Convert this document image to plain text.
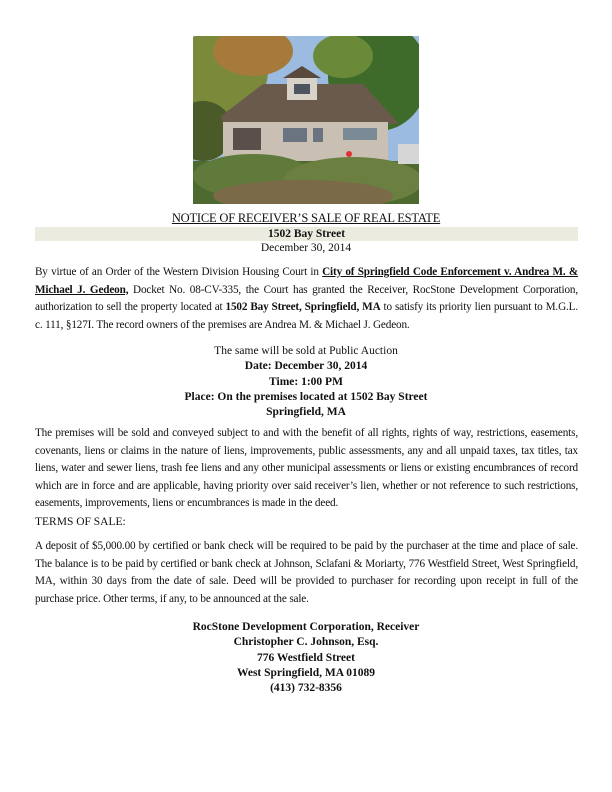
NOTICE OF RECEIVER’S SALE OF REAL ESTATE
1502 Bay Street
December 30, 2014
By virtue of an Order of the Western Division Housing Court in City of Springfield Code Enforcement v. Andrea M. & Michael J. Gedeon, Docket No. 08-CV-335, the Court has granted the Receiver, RocStone Development Corporation, authorization to sell the property located at 1502 Bay Street, Springfield, MA to satisfy its priority lien pursuant to M.G.L. c. 111, §127I. The record owners of the premises are Andrea M. & Michael J. Gedeon.
The same will be sold at Public Auction
Date: December 30, 2014
Time: 1:00 PM
Place: On the premises located at 1502 Bay Street
Springfield, MA
The premises will be sold and conveyed subject to and with the benefit of all rights, rights of way, restrictions, easements, covenants, liens or claims in the nature of liens, improvements, public assessments, any and all unpaid taxes, tax titles, tax liens, water and sewer liens, trash fee liens and any other municipal assessments or liens or existing encumbrances of record which are in force and are applicable, having priority over said receiver’s lien, whether or not reference to such restrictions, easements, improvements, liens or encumbrances is made in the deed.
TERMS OF SALE:
A deposit of $5,000.00 by certified or bank check will be required to be paid by the purchaser at the time and place of sale. The balance is to be paid by certified or bank check at Johnson, Sclafani & Moriarty, 776 Westfield Street, West Springfield, MA, within 30 days from the date of sale. Deed will be provided to purchaser for recording upon receipt in full of the purchase price. Other terms, if any, to be announced at the sale.
RocStone Development Corporation, Receiver
Christopher C. Johnson, Esq.
776 Westfield Street
West Springfield, MA 01089
(413) 732-8356
